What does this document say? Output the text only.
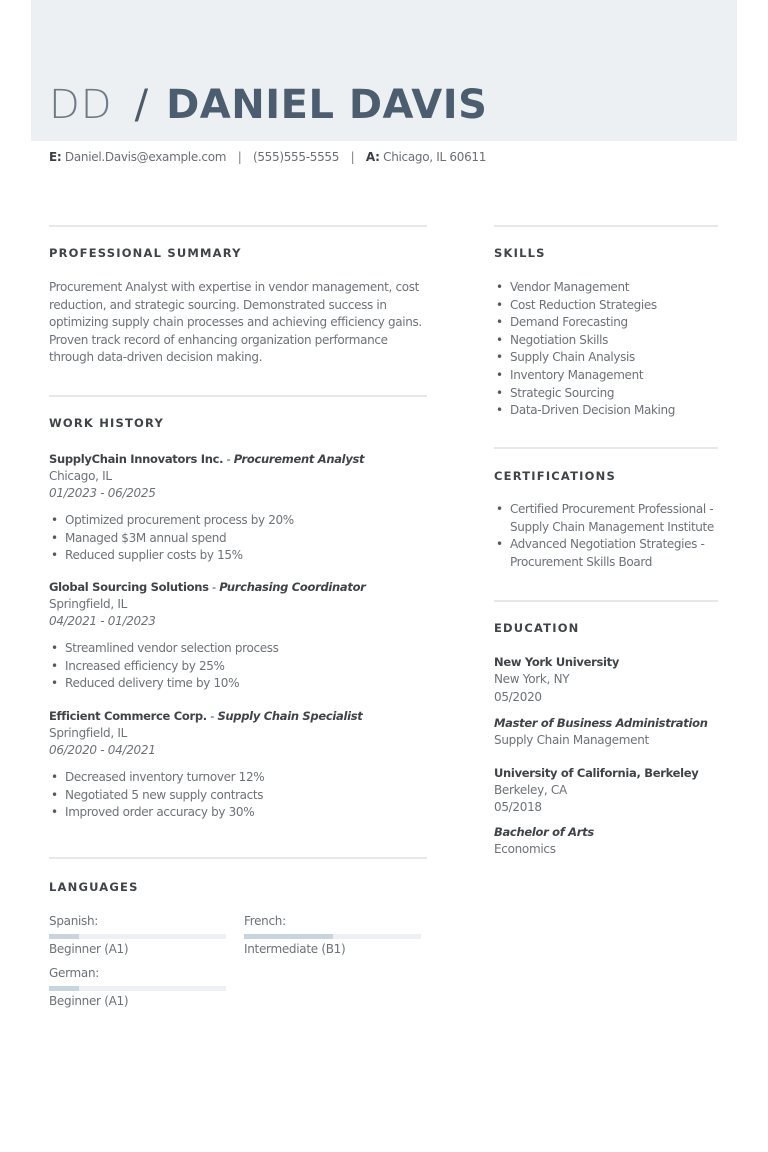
DD / DANIEL DAVIS
E: Daniel.Davis@example.com | (555)555-5555 | A: Chicago, IL 60611
PROFESSIONAL SUMMARY
Procurement Analyst with expertise in vendor management, cost reduction, and strategic sourcing. Demonstrated success in optimizing supply chain processes and achieving efficiency gains. Proven track record of enhancing organization performance through data-driven decision making.
WORK HISTORY
SupplyChain Innovators Inc. - Procurement Analyst
Chicago, IL
01/2023 - 06/2025
• Optimized procurement process by 20%
• Managed $3M annual spend
• Reduced supplier costs by 15%
Global Sourcing Solutions - Purchasing Coordinator
Springfield, IL
04/2021 - 01/2023
• Streamlined vendor selection process
• Increased efficiency by 25%
• Reduced delivery time by 10%
Efficient Commerce Corp. - Supply Chain Specialist
Springfield, IL
06/2020 - 04/2021
• Decreased inventory turnover 12%
• Negotiated 5 new supply contracts
• Improved order accuracy by 30%
LANGUAGES
Spanish:
Beginner (A1)
French:
Intermediate (B1)
German:
Beginner (A1)
SKILLS
• Vendor Management
• Cost Reduction Strategies
• Demand Forecasting
• Negotiation Skills
• Supply Chain Analysis
• Inventory Management
• Strategic Sourcing
• Data-Driven Decision Making
CERTIFICATIONS
• Certified Procurement Professional - Supply Chain Management Institute
• Advanced Negotiation Strategies - Procurement Skills Board
EDUCATION
New York University
New York, NY
05/2020
Master of Business Administration
Supply Chain Management
University of California, Berkeley
Berkeley, CA
05/2018
Bachelor of Arts
Economics
